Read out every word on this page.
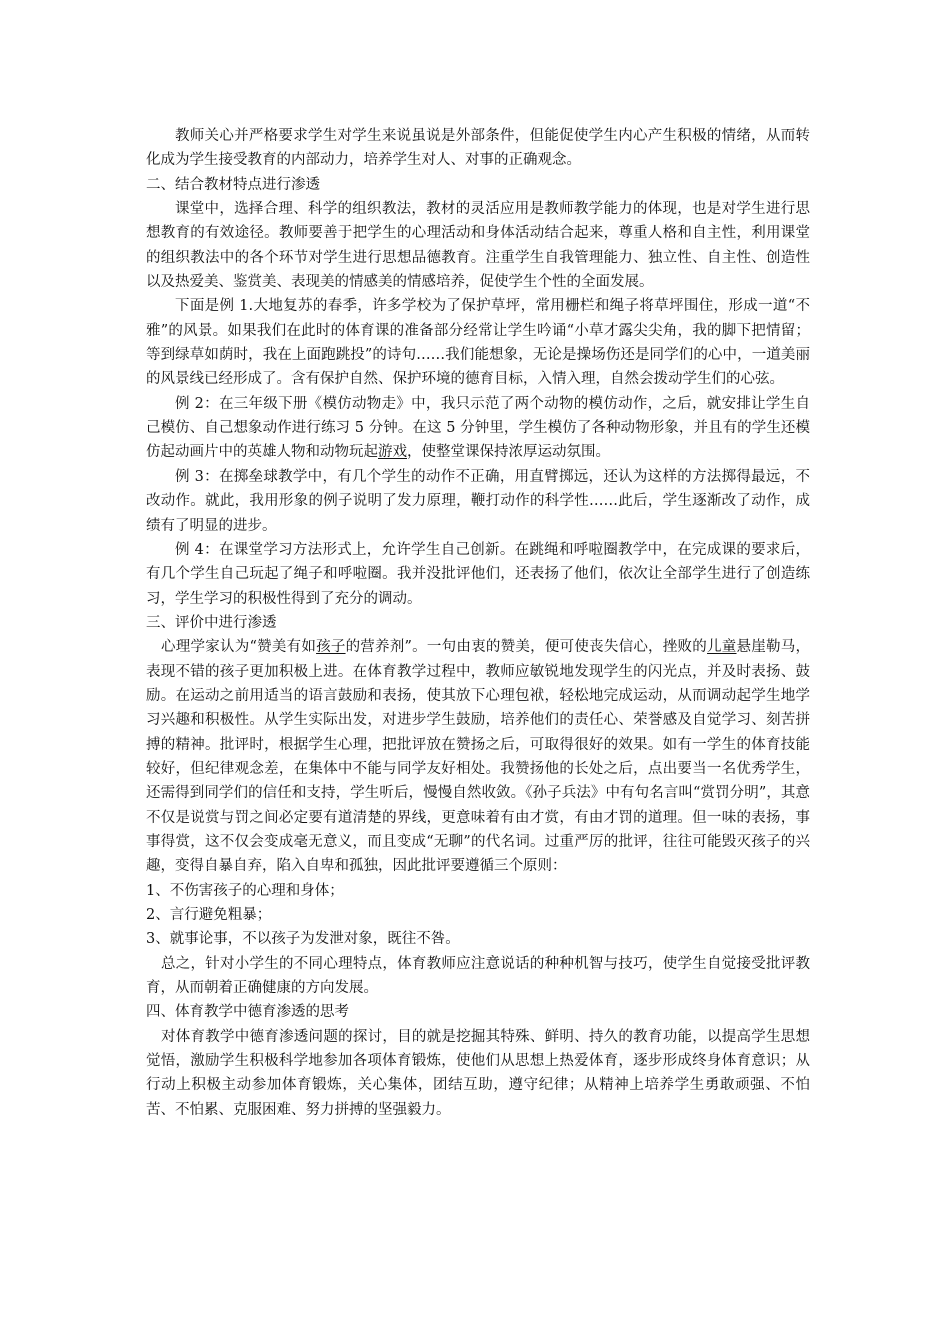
教师关心并严格要求学生对学生来说虽说是外部条件，但能促使学生内心产生积极的情绪，从而转化成为学生接受教育的内部动力，培养学生对人、对事的正确观念。

二、结合教材特点进行渗透

课堂中，选择合理、科学的组织教法，教材的灵活应用是教师教学能力的体现，也是对学生进行思想教育的有效途径。教师要善于把学生的心理活动和身体活动结合起来，尊重人格和自主性，利用课堂的组织教法中的各个环节对学生进行思想品德教育。注重学生自我管理能力、独立性、自主性、创造性以及热爱美、鉴赏美、表现美的情感美的情感培养，促使学生个性的全面发展。

下面是例 1.大地复苏的春季，许多学校为了保护草坪，常用栅栏和绳子将草坪围住，形成一道“不雅”的风景。如果我们在此时的体育课的准备部分经常让学生吟诵“小草才露尖尖角，我的脚下把情留；等到绿草如荫时，我在上面跑跳投”的诗句……我们能想象，无论是操场伤还是同学们的心中，一道美丽的风景线已经形成了。含有保护自然、保护环境的德育目标，入情入理，自然会拨动学生们的心弦。

例 2：在三年级下册《模仿动物走》中，我只示范了两个动物的模仿动作，之后，就安排让学生自己模仿、自己想象动作进行练习 5 分钟。在这 5 分钟里，学生模仿了各种动物形象，并且有的学生还模仿起动画片中的英雄人物和动物玩起游戏，使整堂课保持浓厚运动氛围。

例 3：在掷垒球教学中，有几个学生的动作不正确，用直臂掷远，还认为这样的方法掷得最远，不改动作。就此，我用形象的例子说明了发力原理，鞭打动作的科学性……此后，学生逐渐改了动作，成绩有了明显的进步。

例 4：在课堂学习方法形式上，允许学生自己创新。在跳绳和呼啦圈教学中，在完成课的要求后，有几个学生自己玩起了绳子和呼啦圈。我并没批评他们，还表扬了他们，依次让全部学生进行了创造练习，学生学习的积极性得到了充分的调动。

三、评价中进行渗透

心理学家认为“赞美有如孩子的营养剂”。一句由衷的赞美，便可使丧失信心，挫败的儿童悬崖勒马，表现不错的孩子更加积极上进。在体育教学过程中，教师应敏锐地发现学生的闪光点，并及时表扬、鼓励。在运动之前用适当的语言鼓励和表扬，使其放下心理包袱，轻松地完成运动，从而调动起学生地学习兴趣和积极性。从学生实际出发，对进步学生鼓励，培养他们的责任心、荣誉感及自觉学习、刻苦拼搏的精神。批评时，根据学生心理，把批评放在赞扬之后，可取得很好的效果。如有一学生的体育技能较好，但纪律观念差，在集体中不能与同学友好相处。我赞扬他的长处之后，点出要当一名优秀学生，还需得到同学们的信任和支持，学生听后，慢慢自然收敛。《孙子兵法》中有句名言叫“赏罚分明”，其意不仅是说赏与罚之间必定要有道清楚的界线，更意味着有由才赏，有由才罚的道理。但一味的表扬，事事得赏，这不仅会变成毫无意义，而且变成“无聊”的代名词。过重严厉的批评，往往可能毁灭孩子的兴趣，变得自暴自弃，陷入自卑和孤独，因此批评要遵循三个原则：

1、不伤害孩子的心理和身体；

2、言行避免粗暴；

3、就事论事，不以孩子为发泄对象，既往不咎。

总之，针对小学生的不同心理特点，体育教师应注意说话的种种机智与技巧，使学生自觉接受批评教育，从而朝着正确健康的方向发展。

四、体育教学中德育渗透的思考

对体育教学中德育渗透问题的探讨，目的就是挖掘其特殊、鲜明、持久的教育功能，以提高学生思想觉悟，激励学生积极科学地参加各项体育锻炼，使他们从思想上热爱体育，逐步形成终身体育意识；从行动上积极主动参加体育锻炼，关心集体，团结互助，遵守纪律；从精神上培养学生勇敢顽强、不怕苦、不怕累、克服困难、努力拼搏的坚强毅力。
